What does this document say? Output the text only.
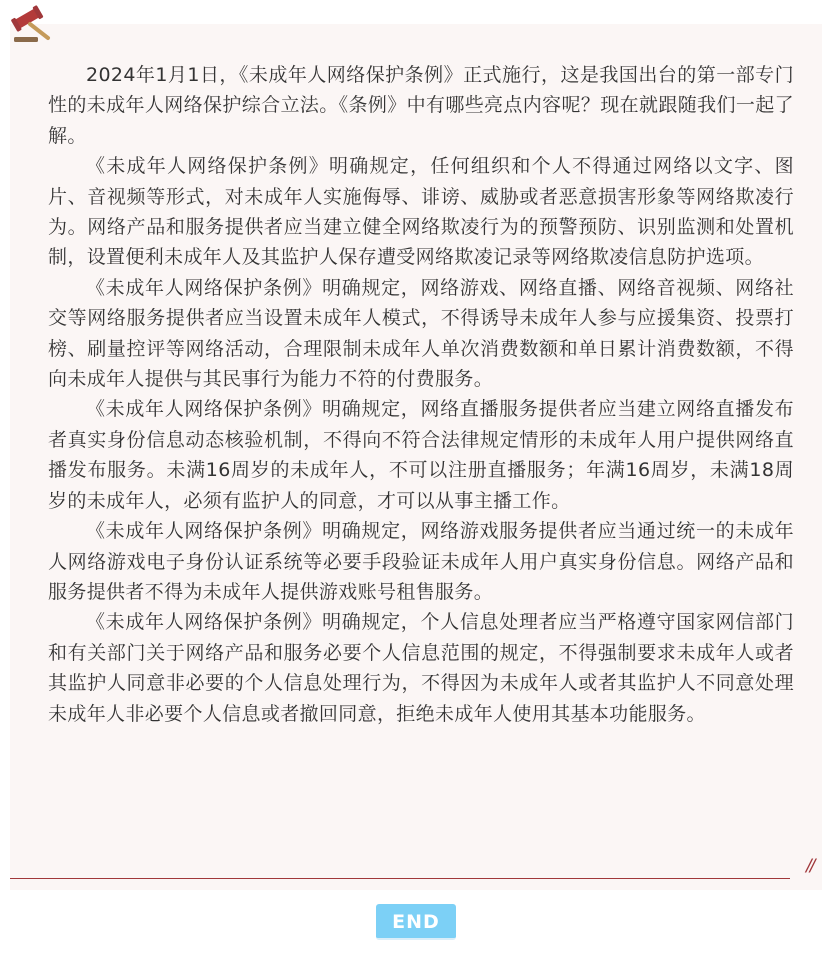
2024年1月1日，《未成年人网络保护条例》正式施行，这是我国出台的第一部专门性的未成年人网络保护综合立法。《条例》中有哪些亮点内容呢？现在就跟随我们一起了解。

《未成年人网络保护条例》明确规定，任何组织和个人不得通过网络以文字、图片、音视频等形式，对未成年人实施侮辱、诽谤、威胁或者恶意损害形象等网络欺凌行为。网络产品和服务提供者应当建立健全网络欺凌行为的预警预防、识别监测和处置机制，设置便利未成年人及其监护人保存遭受网络欺凌记录等网络欺凌信息防护选项。

《未成年人网络保护条例》明确规定，网络游戏、网络直播、网络音视频、网络社交等网络服务提供者应当设置未成年人模式，不得诱导未成年人参与应援集资、投票打榜、刷量控评等网络活动，合理限制未成年人单次消费数额和单日累计消费数额，不得向未成年人提供与其民事行为能力不符的付费服务。

《未成年人网络保护条例》明确规定，网络直播服务提供者应当建立网络直播发布者真实身份信息动态核验机制，不得向不符合法律规定情形的未成年人用户提供网络直播发布服务。未满16周岁的未成年人，不可以注册直播服务；年满16周岁，未满18周岁的未成年人，必须有监护人的同意，才可以从事主播工作。

《未成年人网络保护条例》明确规定，网络游戏服务提供者应当通过统一的未成年人网络游戏电子身份认证系统等必要手段验证未成年人用户真实身份信息。网络产品和服务提供者不得为未成年人提供游戏账号租售服务。

《未成年人网络保护条例》明确规定，个人信息处理者应当严格遵守国家网信部门和有关部门关于网络产品和服务必要个人信息范围的规定，不得强制要求未成年人或者其监护人同意非必要的个人信息处理行为，不得因为未成年人或者其监护人不同意处理未成年人非必要个人信息或者撤回同意，拒绝未成年人使用其基本功能服务。

//
END
